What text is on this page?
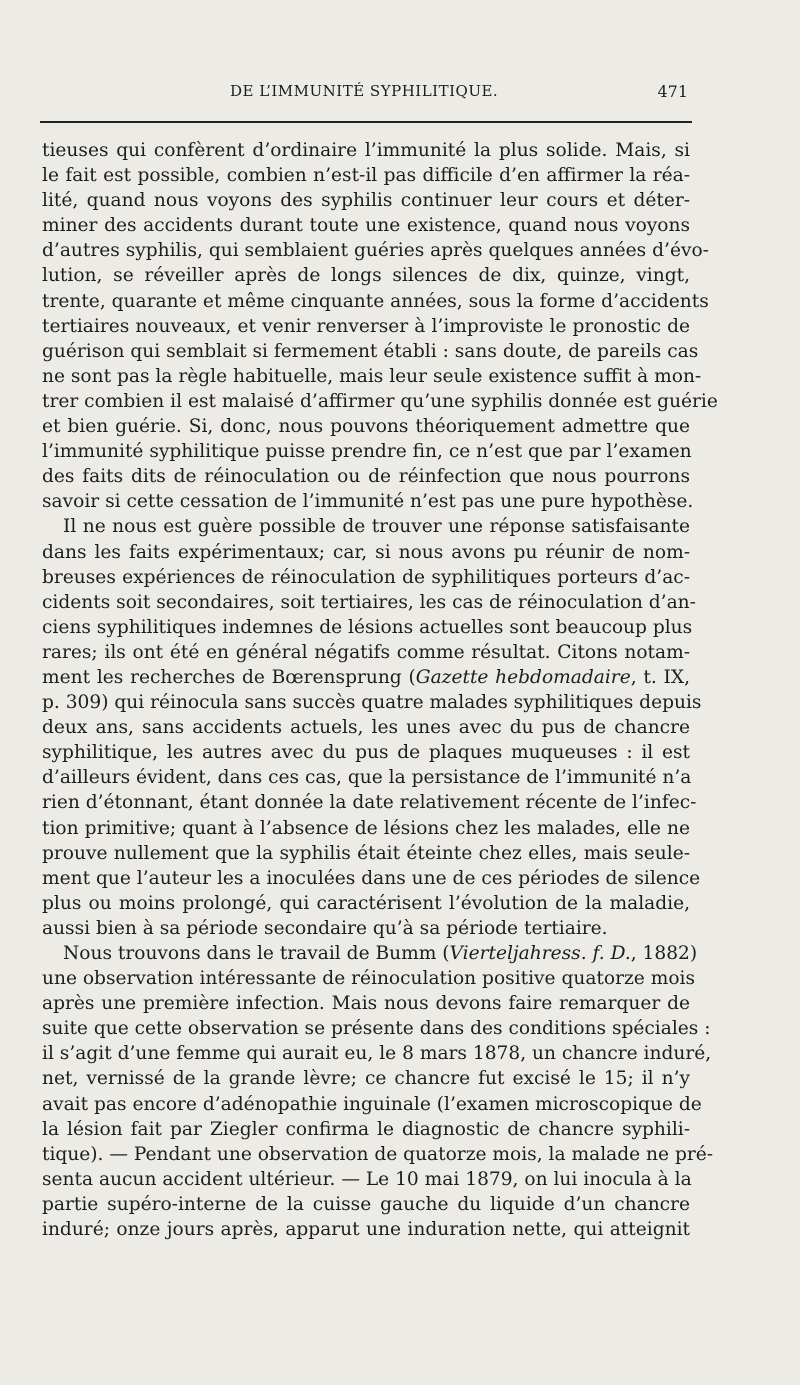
DE L’IMMUNITÉ SYPHILITIQUE.	471
tieuses qui confèrent d’ordinaire l’immunité la plus solide. Mais, si
le fait est possible, combien n’est-il pas difficile d’en affirmer la réa-
lité, quand nous voyons des syphilis continuer leur cours et déter-
miner des accidents durant toute une existence, quand nous voyons
d’autres syphilis, qui semblaient guéries après quelques années d’évo-
lution, se réveiller après de longs silences de dix, quinze, vingt,
trente, quarante et même cinquante années, sous la forme d’accidents
tertiaires nouveaux, et venir renverser à l’improviste le pronostic de
guérison qui semblait si fermement établi : sans doute, de pareils cas
ne sont pas la règle habituelle, mais leur seule existence suffit à mon-
trer combien il est malaisé d’affirmer qu’une syphilis donnée est guérie
et bien guérie. Si, donc, nous pouvons théoriquement admettre que
l’immunité syphilitique puisse prendre fin, ce n’est que par l’examen
des faits dits de réinoculation ou de réinfection que nous pourrons
savoir si cette cessation de l’immunité n’est pas une pure hypothèse.
Il ne nous est guère possible de trouver une réponse satisfaisante
dans les faits expérimentaux; car, si nous avons pu réunir de nom-
breuses expériences de réinoculation de syphilitiques porteurs d’ac-
cidents soit secondaires, soit tertiaires, les cas de réinoculation d’an-
ciens syphilitiques indemnes de lésions actuelles sont beaucoup plus
rares; ils ont été en général négatifs comme résultat. Citons notam-
ment les recherches de Bœrensprung (Gazette hebdomadaire, t. IX,
p. 309) qui réinocula sans succès quatre malades syphilitiques depuis
deux ans, sans accidents actuels, les unes avec du pus de chancre
syphilitique, les autres avec du pus de plaques muqueuses : il est
d’ailleurs évident, dans ces cas, que la persistance de l’immunité n’a
rien d’étonnant, étant donnée la date relativement récente de l’infec-
tion primitive; quant à l’absence de lésions chez les malades, elle ne
prouve nullement que la syphilis était éteinte chez elles, mais seule-
ment que l’auteur les a inoculées dans une de ces périodes de silence
plus ou moins prolongé, qui caractérisent l’évolution de la maladie,
aussi bien à sa période secondaire qu’à sa période tertiaire.
Nous trouvons dans le travail de Bumm (Vierteljahress. f. D., 1882)
une observation intéressante de réinoculation positive quatorze mois
après une première infection. Mais nous devons faire remarquer de
suite que cette observation se présente dans des conditions spéciales :
il s’agit d’une femme qui aurait eu, le 8 mars 1878, un chancre induré,
net, vernissé de la grande lèvre; ce chancre fut excisé le 15; il n’y
avait pas encore d’adénopathie inguinale (l’examen microscopique de
la lésion fait par Ziegler confirma le diagnostic de chancre syphili-
tique). — Pendant une observation de quatorze mois, la malade ne pré-
senta aucun accident ultérieur. — Le 10 mai 1879, on lui inocula à la
partie supéro-interne de la cuisse gauche du liquide d’un chancre
induré; onze jours après, apparut une induration nette, qui atteignit
